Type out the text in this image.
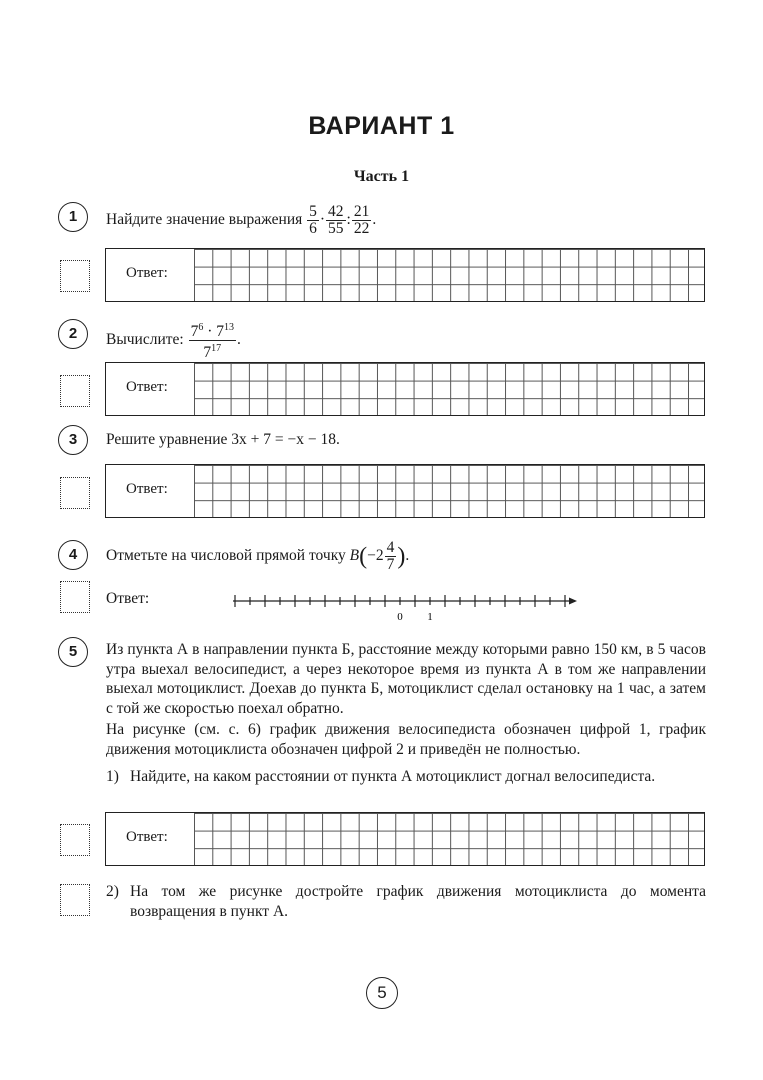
ВАРИАНТ 1
Часть 1
1	Найдите значение выражения $\frac{5}{6} \cdot \frac{42}{55}$ : $\frac{21}{22}$ .
Ответ:
2	Вычислите: $\frac{7^6 \cdot 7^{13}}{7^{17}}$ .
Ответ:
3	Решите уравнение 3x + 7 = −x − 18.
Ответ:
4	Отметьте на числовой прямой точку $B(-2 \frac{4}{7}$ ).
Ответ:
0 1
5	Из пункта А в направлении пункта Б, расстояние между которыми равно 150 км, в 5 часов утра выехал велосипедист, а через некоторое время из пункта А в том же направлении выехал мотоциклист. Доехав до пункта Б, мотоциклист сделал остановку на 1 час, а затем с той же скоростью поехал обратно.
На рисунке (см. с. 6) график движения велосипедиста обозначен цифрой 1, график движения мотоциклиста обозначен цифрой 2 и приведён не полностью.
1) Найдите, на каком расстоянии от пункта А мотоциклист догнал велосипедиста.
Ответ:
2) На том же рисунке достройте график движения мотоциклиста до момента возвращения в пункт А.
5
